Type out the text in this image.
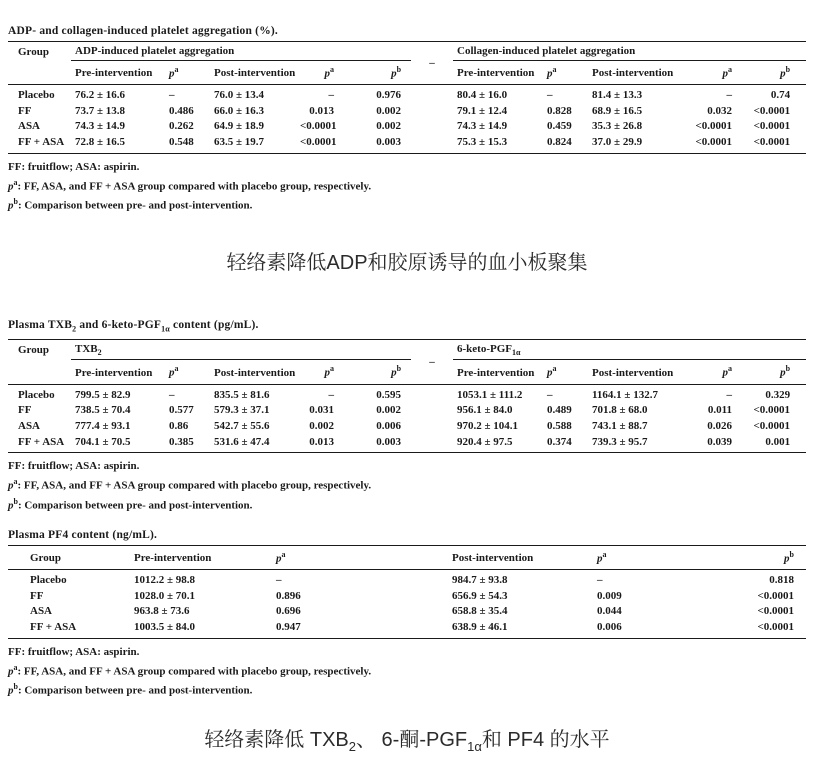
ADP- and collagen-induced platelet aggregation (%).
Group	ADP-induced platelet aggregation					–	Collagen-induced platelet aggregation				
	Pre-intervention	$p^a$	Post-intervention	$p^a$	$p^b$		Pre-intervention	$p^a$	Post-intervention	$p^a$	$p^b$
Placebo	76.2 ± 16.6	–	76.0 ± 13.4	–	0.976		80.4 ± 16.0	–	81.4 ± 13.3	–	0.74
FF	73.7 ± 13.8	0.486	66.0 ± 16.3	0.013	0.002		79.1 ± 12.4	0.828	68.9 ± 16.5	0.032	<0.0001
ASA	74.3 ± 14.9	0.262	64.9 ± 18.9	<0.0001	0.002		74.3 ± 14.9	0.459	35.3 ± 26.8	<0.0001	<0.0001
FF + ASA	72.8 ± 16.5	0.548	63.5 ± 19.7	<0.0001	0.003		75.3 ± 15.3	0.824	37.0 ± 29.9	<0.0001	<0.0001
FF: fruitflow; ASA: aspirin.
$p^a$: FF, ASA, and FF + ASA group compared with placebo group, respectively.
$p^b$: Comparison between pre- and post-intervention.
轻络素降低ADP和胶原诱导的血小板聚集
Plasma $TXB_2$ and $6-keto-PGF_{1\alpha}$ content (pg/mL).
Group	$TXB_2$					–	$6-keto-PGF_{1\alpha}$
	Pre-intervention	$p^a$	Post-intervention	$p^a$	$p^b$		Pre-intervention	$p^a$	Post-intervention	$p^a$	$p^b$
Placebo	799.5 ± 82.9	–	835.5 ± 81.6	–	0.595		1053.1 ± 111.2	–	1164.1 ± 132.7	–	0.329
FF	738.5 ± 70.4	0.577	579.3 ± 37.1	0.031	0.002		956.1 ± 84.0	0.489	701.8 ± 68.0	0.011	<0.0001
ASA	777.4 ± 93.1	0.86	542.7 ± 55.6	0.002	0.006		970.2 ± 104.1	0.588	743.1 ± 88.7	0.026	<0.0001
FF + ASA	704.1 ± 70.5	0.385	531.6 ± 47.4	0.013	0.003		920.4 ± 97.5	0.374	739.3 ± 95.7	0.039	0.001
FF: fruitflow; ASA: aspirin.
$p^a$: FF, ASA, and FF + ASA group compared with placebo group, respectively.
$p^b$: Comparison between pre- and post-intervention.
Plasma PF4 content (ng/mL).
Group	Pre-intervention	$p^a$	Post-intervention	$p^a$	$p^b$
Placebo	1012.2 ± 98.8	–	984.7 ± 93.8	–	0.818
FF	1028.0 ± 70.1	0.896	656.9 ± 54.3	0.009	<0.0001
ASA	963.8 ± 73.6	0.696	658.8 ± 35.4	0.044	<0.0001
FF + ASA	1003.5 ± 84.0	0.947	638.9 ± 46.1	0.006	<0.0001
FF: fruitflow; ASA: aspirin.
$p^a$: FF, ASA, and FF + ASA group compared with placebo group, respectively.
$p^b$: Comparison between pre- and post-intervention.
轻络素降低 $TXB_2$、 6-酮$-PGF_{1\alpha}$和 PF4 的水平
